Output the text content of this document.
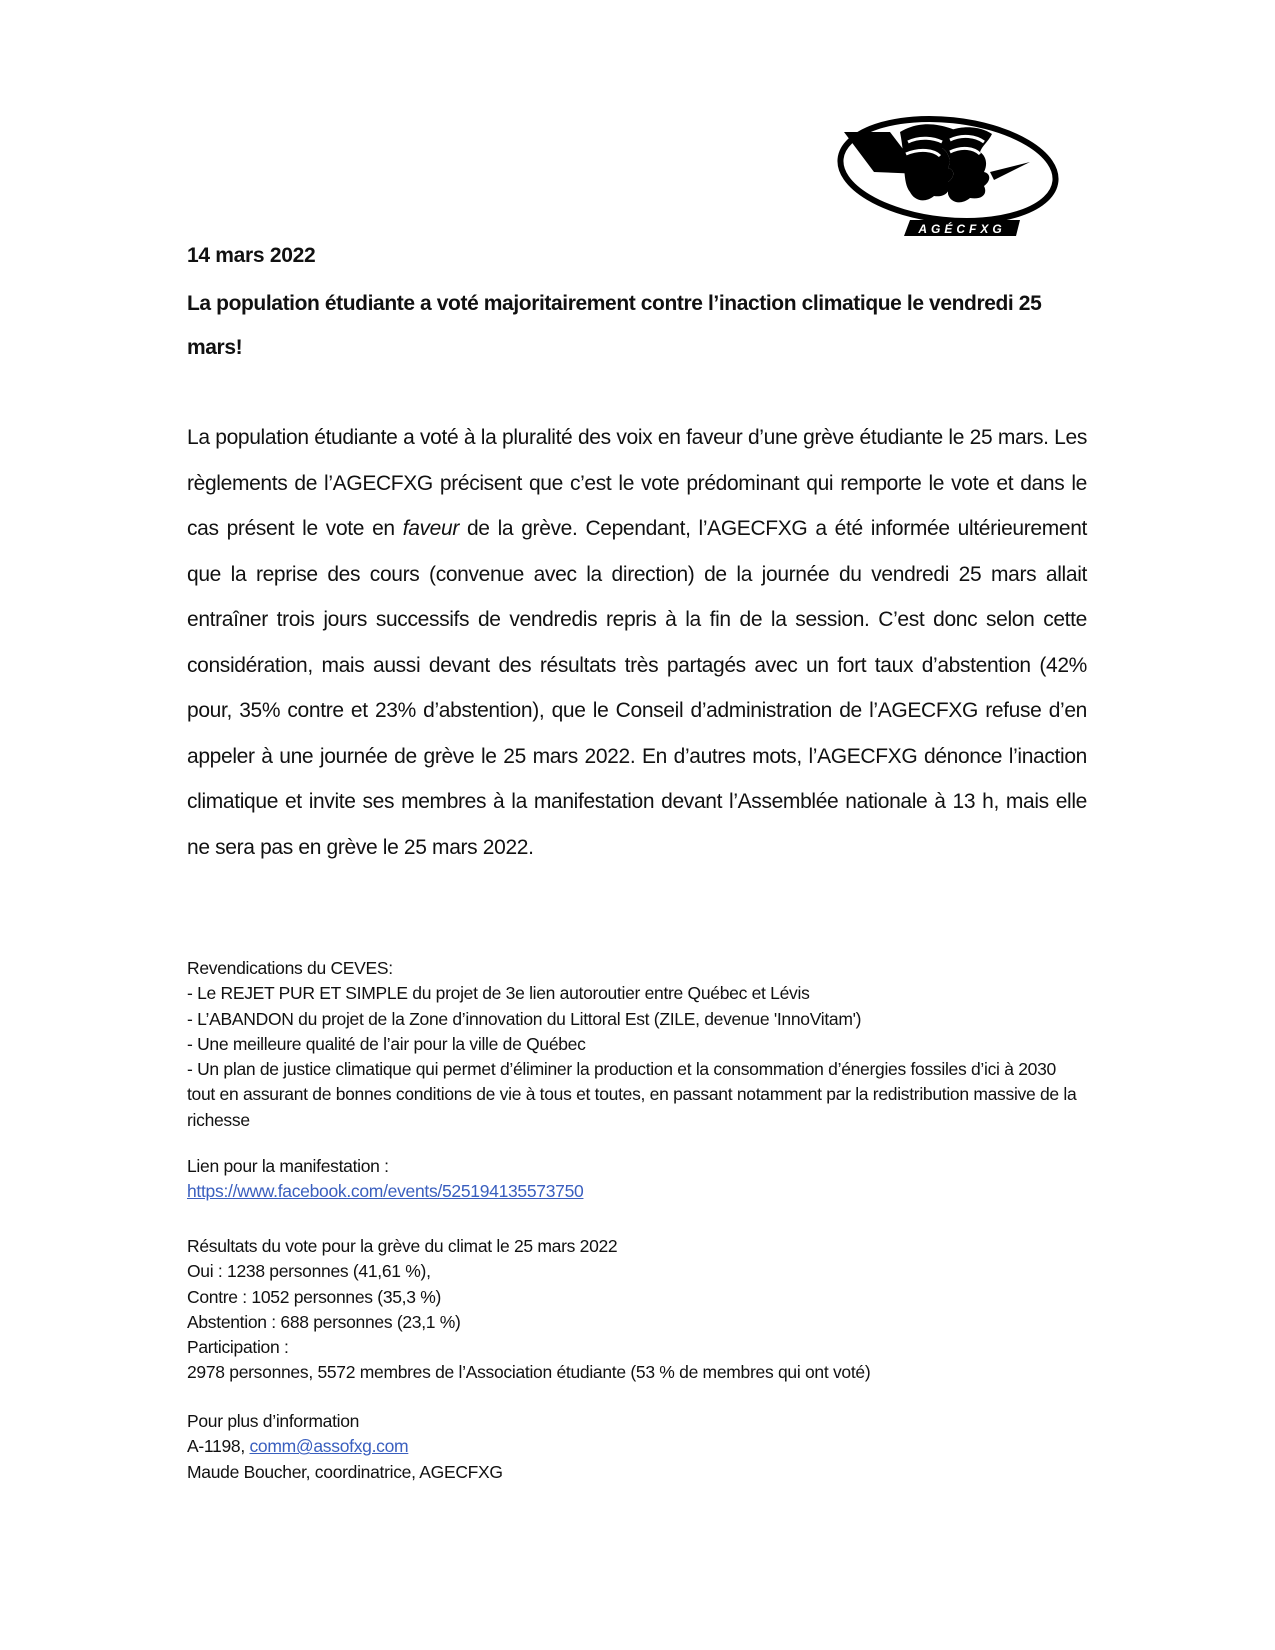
AGÉCFXG
14 mars 2022
La population étudiante a voté majoritairement contre l’inaction climatique le vendredi 25 mars!
La population étudiante a voté à la pluralité des voix en faveur d’une grève étudiante le 25 mars. Les règlements de l’AGECFXG précisent que c’est le vote prédominant qui remporte le vote et dans le cas présent le vote en faveur de la grève. Cependant, l’AGECFXG a été informée ultérieurement que la reprise des cours (convenue avec la direction) de la journée du vendredi 25 mars allait entraîner trois jours successifs de vendredis repris à la fin de la session. C’est donc selon cette considération, mais aussi devant des résultats très partagés avec un fort taux d’abstention (42% pour, 35% contre et 23% d’abstention), que le Conseil d’administration de l’AGECFXG refuse d’en appeler à une journée de grève le 25 mars 2022. En d’autres mots, l’AGECFXG dénonce l’inaction climatique et invite ses membres à la manifestation devant l’Assemblée nationale à 13 h, mais elle ne sera pas en grève le 25 mars 2022.
Revendications du CEVES:
- Le REJET PUR ET SIMPLE du projet de 3e lien autoroutier entre Québec et Lévis
- L’ABANDON du projet de la Zone d’innovation du Littoral Est (ZILE, devenue 'InnoVitam')
- Une meilleure qualité de l’air pour la ville de Québec
- Un plan de justice climatique qui permet d’éliminer la production et la consommation d’énergies fossiles d’ici à 2030 tout en assurant de bonnes conditions de vie à tous et toutes, en passant notamment par la redistribution massive de la richesse
Lien pour la manifestation :
https://www.facebook.com/events/525194135573750
Résultats du vote pour la grève du climat le 25 mars 2022
Oui : 1238 personnes (41,61 %),
Contre : 1052 personnes (35,3 %)
Abstention : 688 personnes (23,1 %)
Participation :
2978 personnes, 5572 membres de l’Association étudiante (53 % de membres qui ont voté)
Pour plus d’information
A-1198, comm@assofxg.com
Maude Boucher, coordinatrice, AGECFXG
